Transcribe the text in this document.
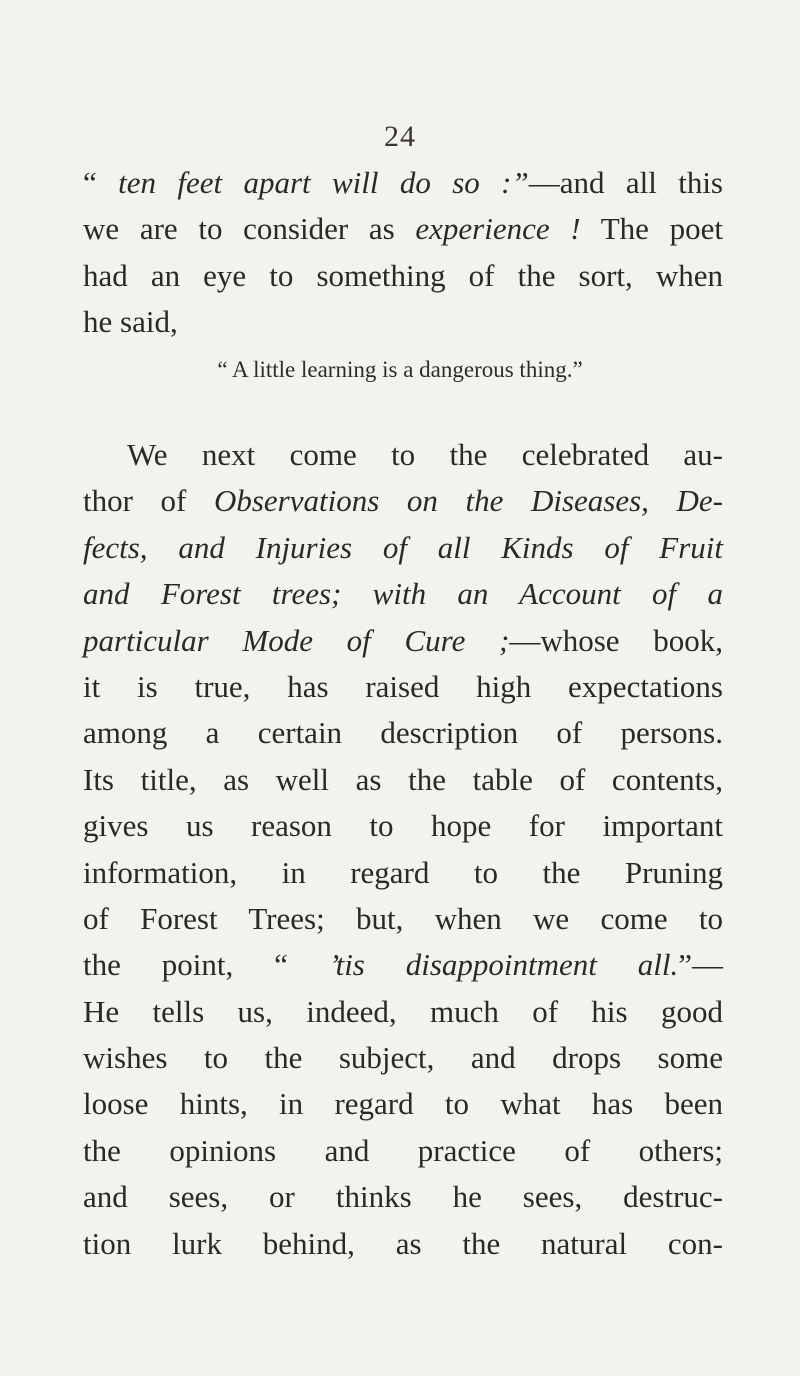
24
“ ten feet apart will do so :”—and all this
we are to consider as experience ! The poet
had an eye to something of the sort, when
he said,
“ A little learning is a dangerous thing.”
We next come to the celebrated au-
thor of Observations on the Diseases, De-
fects, and Injuries of all Kinds of Fruit
and Forest trees; with an Account of a
particular Mode of Cure ;—whose book,
it is true, has raised high expectations
among a certain description of persons.
Its title, as well as the table of contents,
gives us reason to hope for important
information, in regard to the Pruning
of Forest Trees; but, when we come to
the point, “ ’tis disappointment all.”—
He tells us, indeed, much of his good
wishes to the subject, and drops some
loose hints, in regard to what has been
the opinions and practice of others;
and sees, or thinks he sees, destruc-
tion lurk behind, as the natural con-
